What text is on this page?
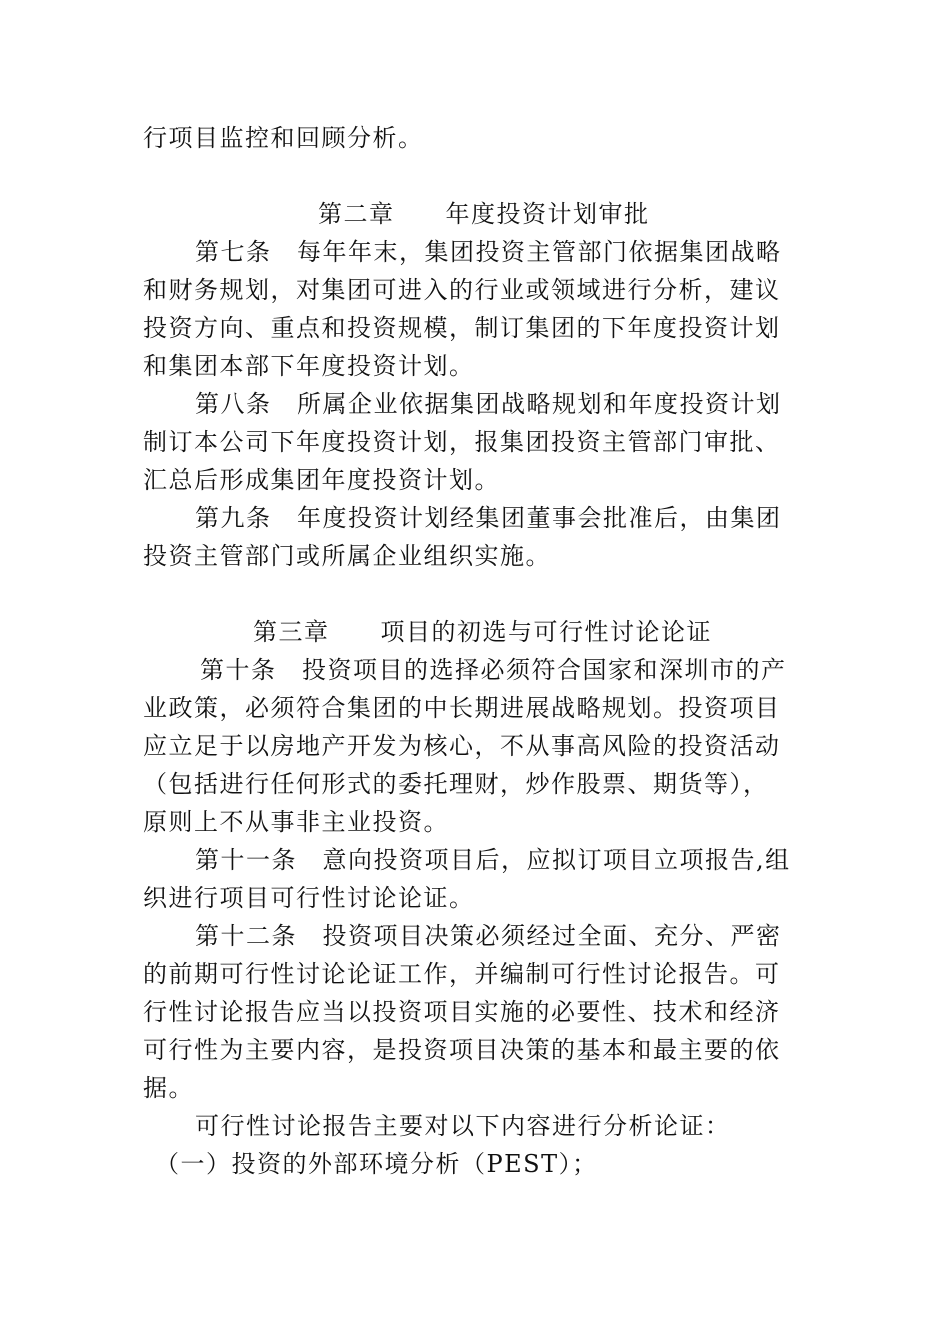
行项目监控和回顾分析。
第二章　　年度投资计划审批
第七条　每年年末，集团投资主管部门依据集团战略
和财务规划，对集团可进入的行业或领域进行分析，建议
投资方向、重点和投资规模，制订集团的下年度投资计划
和集团本部下年度投资计划。
第八条　所属企业依据集团战略规划和年度投资计划
制订本公司下年度投资计划，报集团投资主管部门审批、
汇总后形成集团年度投资计划。
第九条　年度投资计划经集团董事会批准后，由集团
投资主管部门或所属企业组织实施。
第三章　　项目的初选与可行性讨论论证
第十条　投资项目的选择必须符合国家和深圳市的产
业政策，必须符合集团的中长期进展战略规划。投资项目
应立足于以房地产开发为核心，不从事高风险的投资活动
（包括进行任何形式的委托理财，炒作股票、期货等），
原则上不从事非主业投资。
第十一条　意向投资项目后，应拟订项目立项报告,组
织进行项目可行性讨论论证。
第十二条　投资项目决策必须经过全面、充分、严密
的前期可行性讨论论证工作，并编制可行性讨论报告。可
行性讨论报告应当以投资项目实施的必要性、技术和经济
可行性为主要内容，是投资项目决策的基本和最主要的依
据。
可行性讨论报告主要对以下内容进行分析论证：
（一）投资的外部环境分析（PEST）；
